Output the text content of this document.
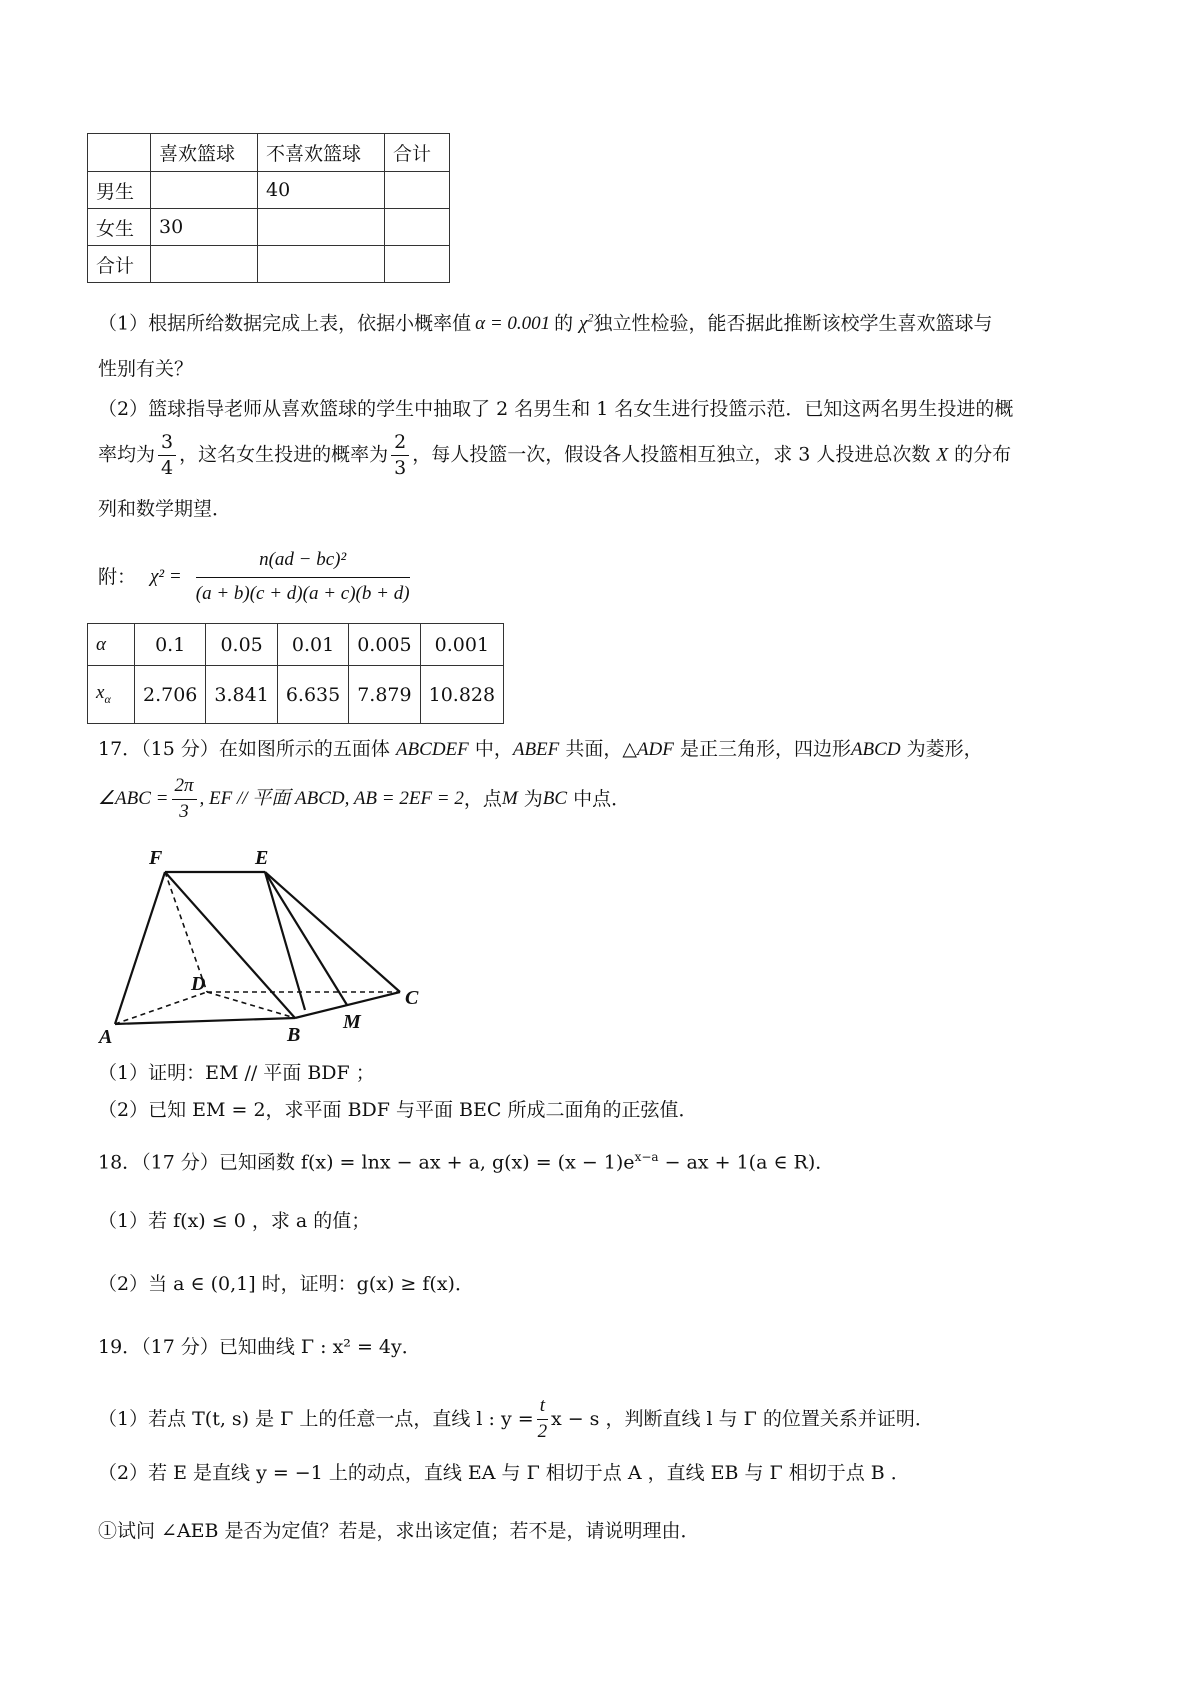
	喜欢篮球	不喜欢篮球	合计
男生		40	
女生	30		
合计			
（1）根据所给数据完成上表，依据小概率值 α = 0.001 的 $\chi^2$独立性检验，能否据此推断该校学生喜欢篮球与
性别有关？
（2）篮球指导老师从喜欢篮球的学生中抽取了 2 名男生和 1 名女生进行投篮示范．已知这两名男生投进的概
率均为 $\frac{3}{4}$ ，这名女生投进的概率为 $\frac{2}{3}$ ，每人投篮一次，假设各人投篮相互独立，求 3 人投进总次数 X 的分布
列和数学期望．
附： $\chi^2 = \frac{\text{n(ad − bc)²}}{(a + b)(c + d)(a + c)(b + d)}$
α	0.1	0.05	0.01	0.005	0.001
$x_\alpha$	2.706	3.841	6.635	7.879	10.828
17．（15 分）在如图所示的五面体 ABCDEF 中，ABEF 共面，△ADF 是正三角形，四边形ABCD 为菱形，
∠ABC = $\frac{2\pi}{3}$ , EF // 平面 ABCD, AB = 2EF = 2，点M 为BC 中点．
F	E
D
C
A	B
M
（1）证明：EM // 平面 BDF ；
（2）已知 EM = 2，求平面 BDF 与平面 BEC 所成二面角的正弦值．
18．（17 分）已知函数 f(x) = lnx − ax + a, $g(x) = (x - 1)e^{x-a}$ − ax + 1(a ∈ R)．
（1）若 f(x) ≤ 0 ，求 a 的值；
（2）当 a ∈ (0,1] 时，证明：g(x) ≥ f(x)．
19．（17 分）已知曲线 Γ : x² = 4y．
（1）若点 T(t, s) 是 Γ 上的任意一点，直线 l : $y = \frac{t}{2}$ x − s ，判断直线 l 与 Γ 的位置关系并证明．
（2）若 E 是直线 y = −1 上的动点，直线 EA 与 Γ 相切于点 A ，直线 EB 与 Γ 相切于点 B ．
①试问 ∠AEB 是否为定值？若是，求出该定值；若不是，请说明理由．
